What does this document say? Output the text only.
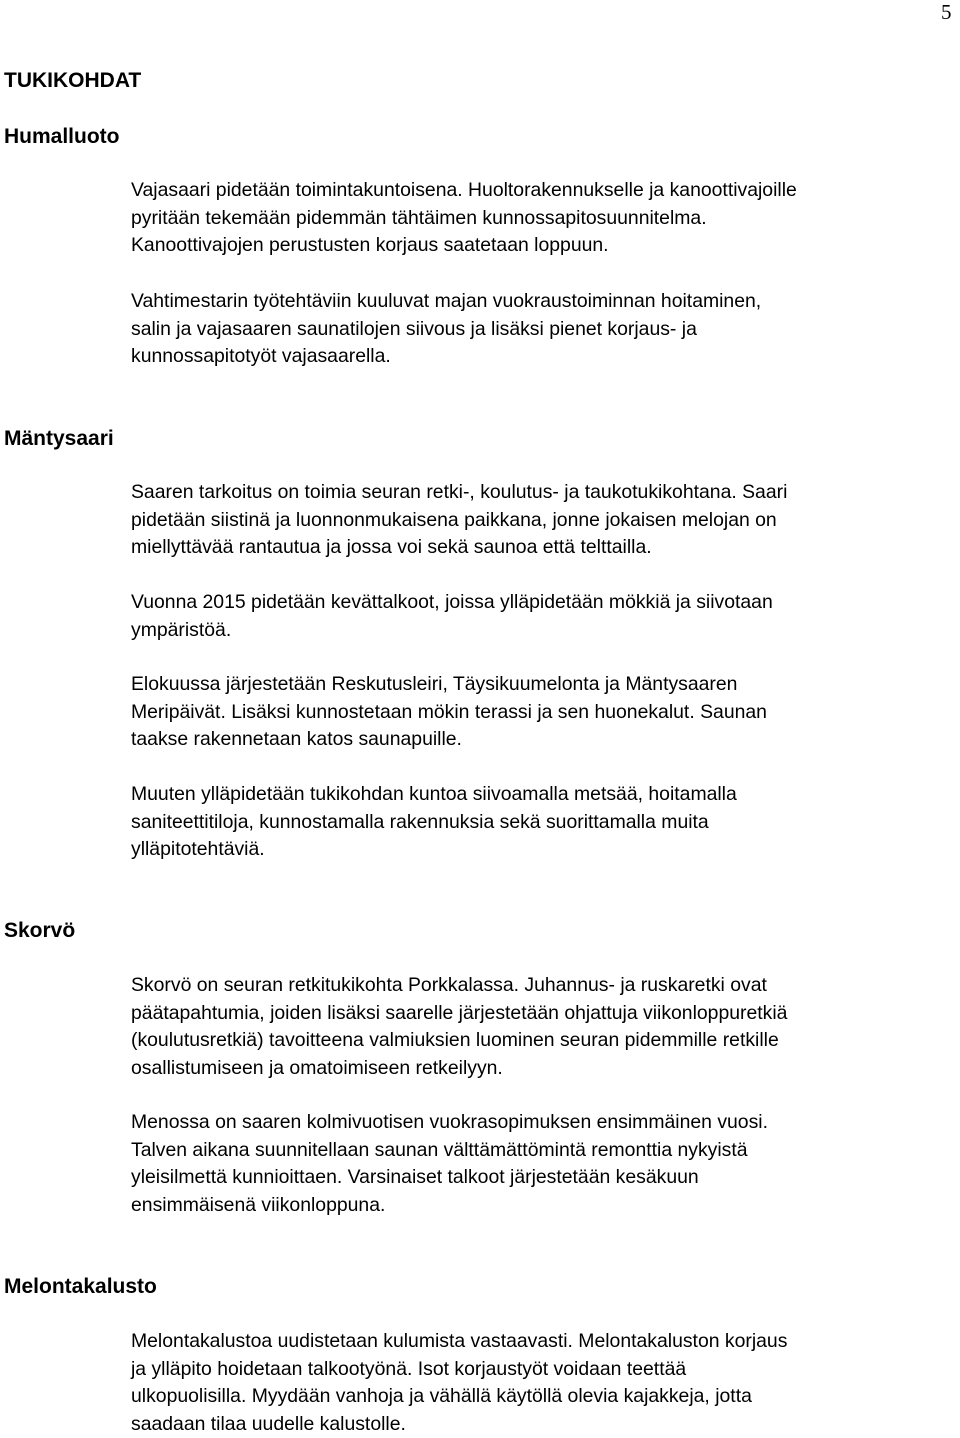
5
TUKIKOHDAT
Humalluoto

Vajasaari pidetään toimintakuntoisena. Huoltorakennukselle ja kanoottivajoille
pyritään tekemään pidemmän tähtäimen kunnossapitosuunnitelma.
Kanoottivajojen perustusten korjaus saatetaan loppuun.

Vahtimestarin työtehtäviin kuuluvat majan vuokraustoiminnan hoitaminen,
salin ja vajasaaren saunatilojen siivous ja lisäksi pienet korjaus- ja
kunnossapitotyöt vajasaarella.

Mäntysaari

Saaren tarkoitus on toimia seuran retki-, koulutus- ja taukotukikohtana. Saari
pidetään siistinä ja luonnonmukaisena paikkana, jonne jokaisen melojan on
miellyttävää rantautua ja jossa voi sekä saunoa että telttailla.

Vuonna 2015 pidetään kevättalkoot, joissa ylläpidetään mökkiä ja siivotaan
ympäristöä.

Elokuussa järjestetään Reskutusleiri, Täysikuumelonta ja Mäntysaaren
Meripäivät. Lisäksi kunnostetaan mökin terassi ja sen huonekalut. Saunan
taakse rakennetaan katos saunapuille.

Muuten ylläpidetään tukikohdan kuntoa siivoamalla metsää, hoitamalla
saniteettitiloja, kunnostamalla rakennuksia sekä suorittamalla muita
ylläpitotehtäviä.

Skorvö

Skorvö on seuran retkitukikohta Porkkalassa. Juhannus- ja ruskaretki ovat
päätapahtumia, joiden lisäksi saarelle järjestetään ohjattuja viikonloppuretkiä
(koulutusretkiä) tavoitteena valmiuksien luominen seuran pidemmille retkille
osallistumiseen ja omatoimiseen retkeilyyn.

Menossa on saaren kolmivuotisen vuokrasopimuksen ensimmäinen vuosi.
Talven aikana suunnitellaan saunan välttämättömintä remonttia nykyistä
yleisilmettä kunnioittaen. Varsinaiset talkoot järjestetään kesäkuun
ensimmäisenä viikonloppuna.

Melontakalusto

Melontakalustoa uudistetaan kulumista vastaavasti. Melontakaluston korjaus
ja ylläpito hoidetaan talkootyönä. Isot korjaustyöt voidaan teettää
ulkopuolisilla. Myydään vanhoja ja vähällä käytöllä olevia kajakkeja, jotta
saadaan tilaa uudelle kalustolle.
